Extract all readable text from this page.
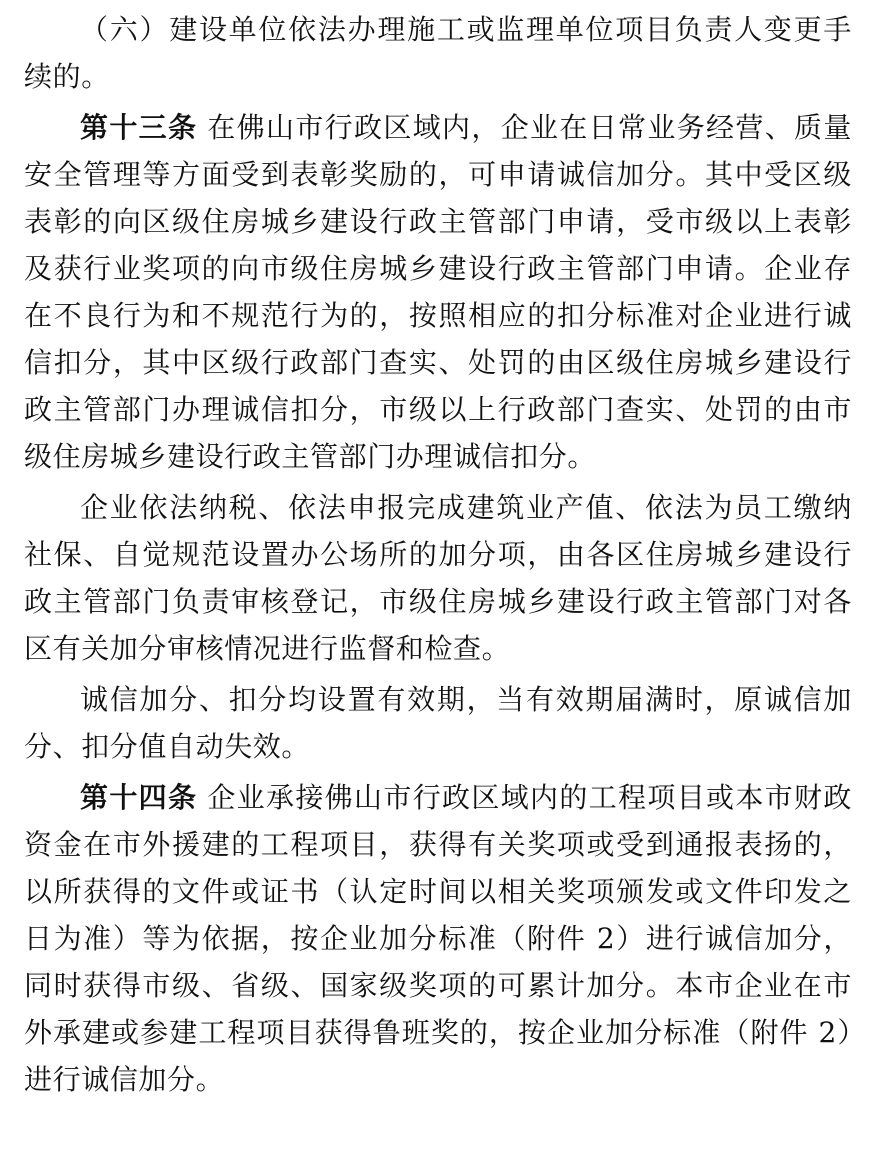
（六）建设单位依法办理施工或监理单位项目负责人变更手续的。

第十三条 在佛山市行政区域内，企业在日常业务经营、质量安全管理等方面受到表彰奖励的，可申请诚信加分。其中受区级表彰的向区级住房城乡建设行政主管部门申请，受市级以上表彰及获行业奖项的向市级住房城乡建设行政主管部门申请。企业存在不良行为和不规范行为的，按照相应的扣分标准对企业进行诚信扣分，其中区级行政部门查实、处罚的由区级住房城乡建设行政主管部门办理诚信扣分，市级以上行政部门查实、处罚的由市级住房城乡建设行政主管部门办理诚信扣分。

企业依法纳税、依法申报完成建筑业产值、依法为员工缴纳社保、自觉规范设置办公场所的加分项，由各区住房城乡建设行政主管部门负责审核登记，市级住房城乡建设行政主管部门对各区有关加分审核情况进行监督和检查。

诚信加分、扣分均设置有效期，当有效期届满时，原诚信加分、扣分值自动失效。

第十四条 企业承接佛山市行政区域内的工程项目或本市财政资金在市外援建的工程项目，获得有关奖项或受到通报表扬的，以所获得的文件或证书（认定时间以相关奖项颁发或文件印发之日为准）等为依据，按企业加分标准（附件 2）进行诚信加分，同时获得市级、省级、国家级奖项的可累计加分。本市企业在市外承建或参建工程项目获得鲁班奖的，按企业加分标准（附件 2）进行诚信加分。
